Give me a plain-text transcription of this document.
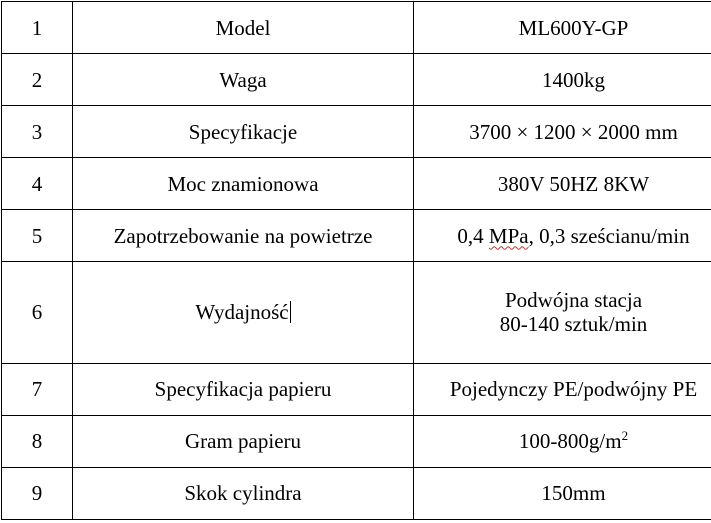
1	Model	ML600Y-GP
2	Waga	1400kg
3	Specyfikacje	3700 × 1200 × 2000 mm
4	Moc znamionowa	380V 50HZ 8KW
5	Zapotrzebowanie na powietrze	0,4 MPa, 0,3 sześcianu/min
6	Wydajność	Podwójna stacja
80-140 sztuk/min

7	Specyfikacja papieru	Pojedynczy PE/podwójny PE
8	Gram papieru	$100-800g/m^2$
9	Skok cylindra	150mm
